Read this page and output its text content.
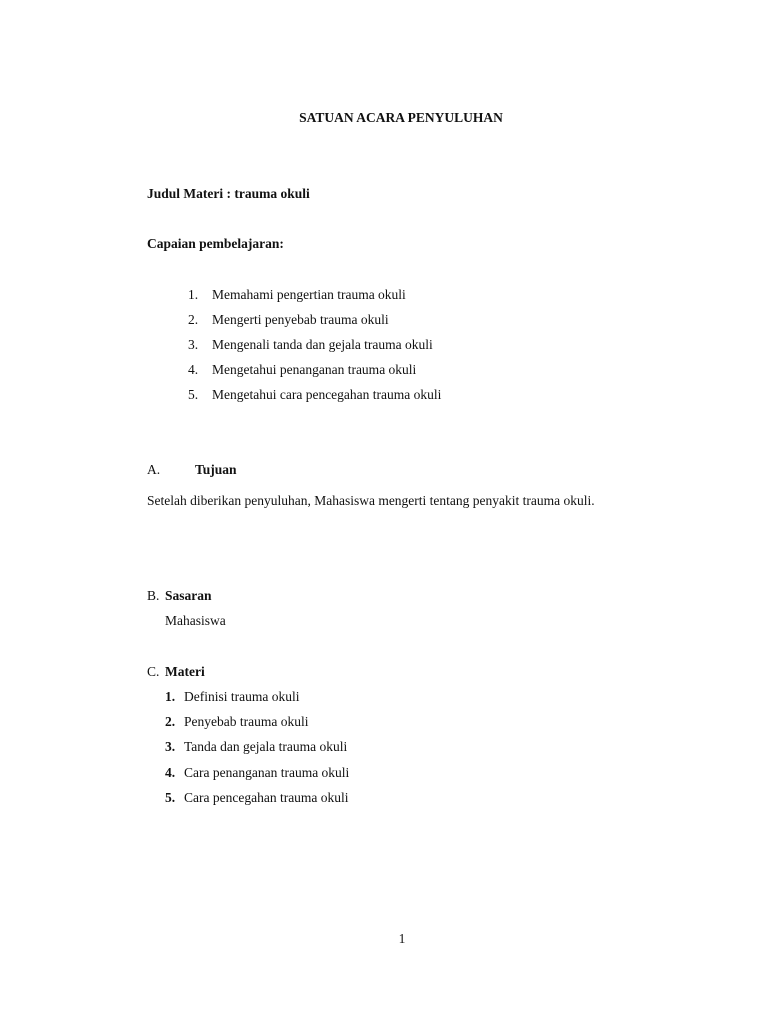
SATUAN ACARA PENYULUHAN
Judul Materi : trauma okuli
Capaian pembelajaran:
1. Memahami pengertian trauma okuli
2. Mengerti penyebab trauma okuli
3. Mengenali tanda dan gejala trauma okuli
4. Mengetahui penanganan trauma okuli
5. Mengetahui cara pencegahan trauma okuli
A.	Tujuan
Setelah diberikan penyuluhan, Mahasiswa mengerti tentang penyakit trauma okuli.
B. Sasaran
Mahasiswa
C. Materi
1. Definisi trauma okuli
2. Penyebab trauma okuli
3. Tanda dan gejala trauma okuli
4. Cara penanganan trauma okuli
5. Cara pencegahan trauma okuli
1
